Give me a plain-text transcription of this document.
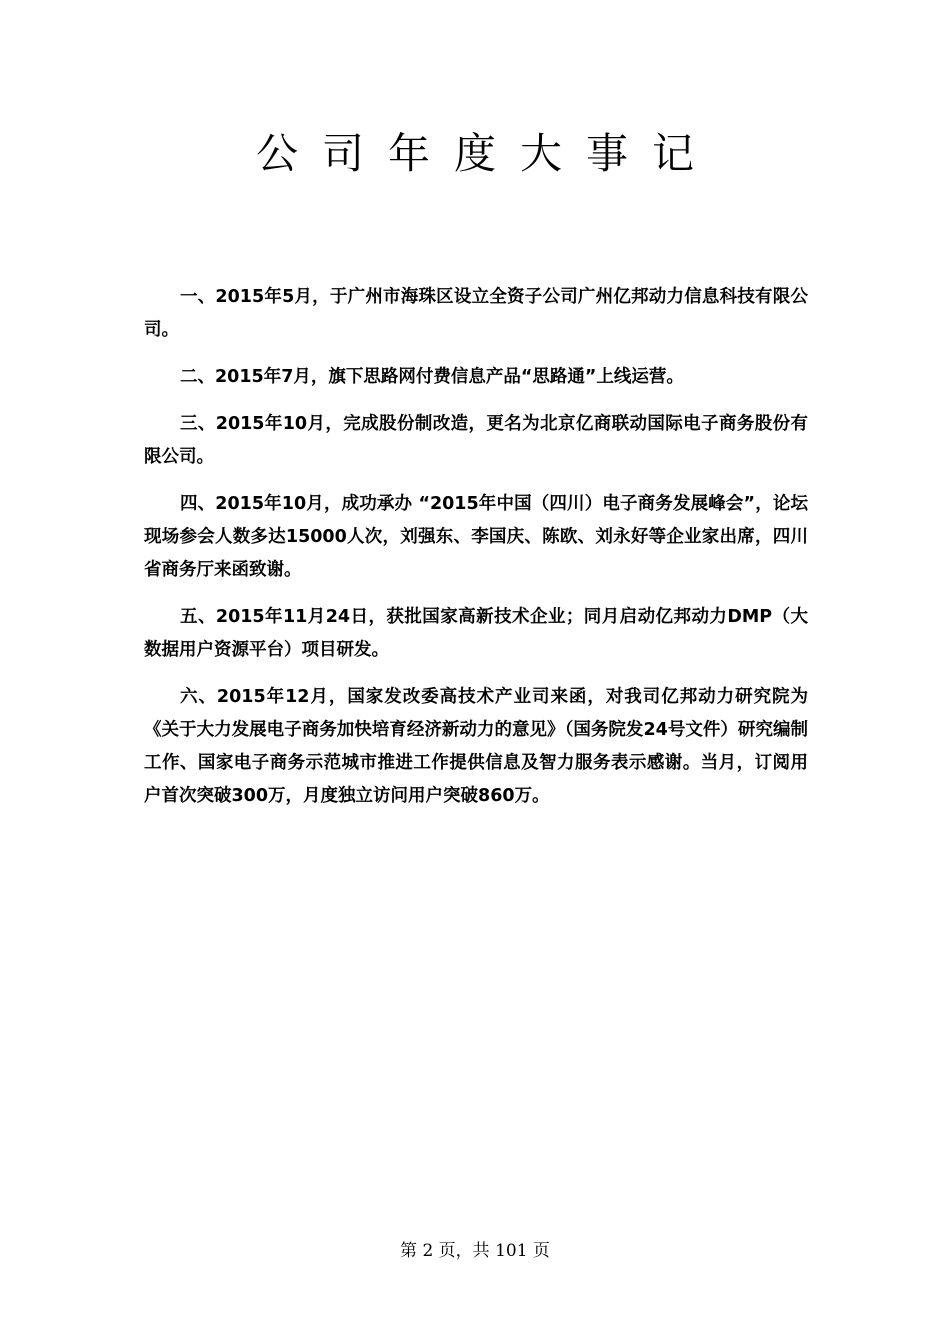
公司年度大事记

一、2015年5月，于广州市海珠区设立全资子公司广州亿邦动力信息科技有限公司。

二、2015年7月，旗下思路网付费信息产品“思路通”上线运营。

三、2015年10月，完成股份制改造，更名为北京亿商联动国际电子商务股份有限公司。

四、2015年10月，成功承办 “2015年中国（四川）电子商务发展峰会”，论坛现场参会人数多达15000人次，刘强东、李国庆、陈欧、刘永好等企业家出席，四川省商务厅来函致谢。

五、2015年11月24日，获批国家高新技术企业；同月启动亿邦动力DMP（大数据用户资源平台）项目研发。

六、2015年12月，国家发改委高技术产业司来函，对我司亿邦动力研究院为《关于大力发展电子商务加快培育经济新动力的意见》（国务院发24号文件）研究编制工作、国家电子商务示范城市推进工作提供信息及智力服务表示感谢。当月，订阅用户首次突破300万，月度独立访问用户突破860万。

第 2 页，共 101 页
